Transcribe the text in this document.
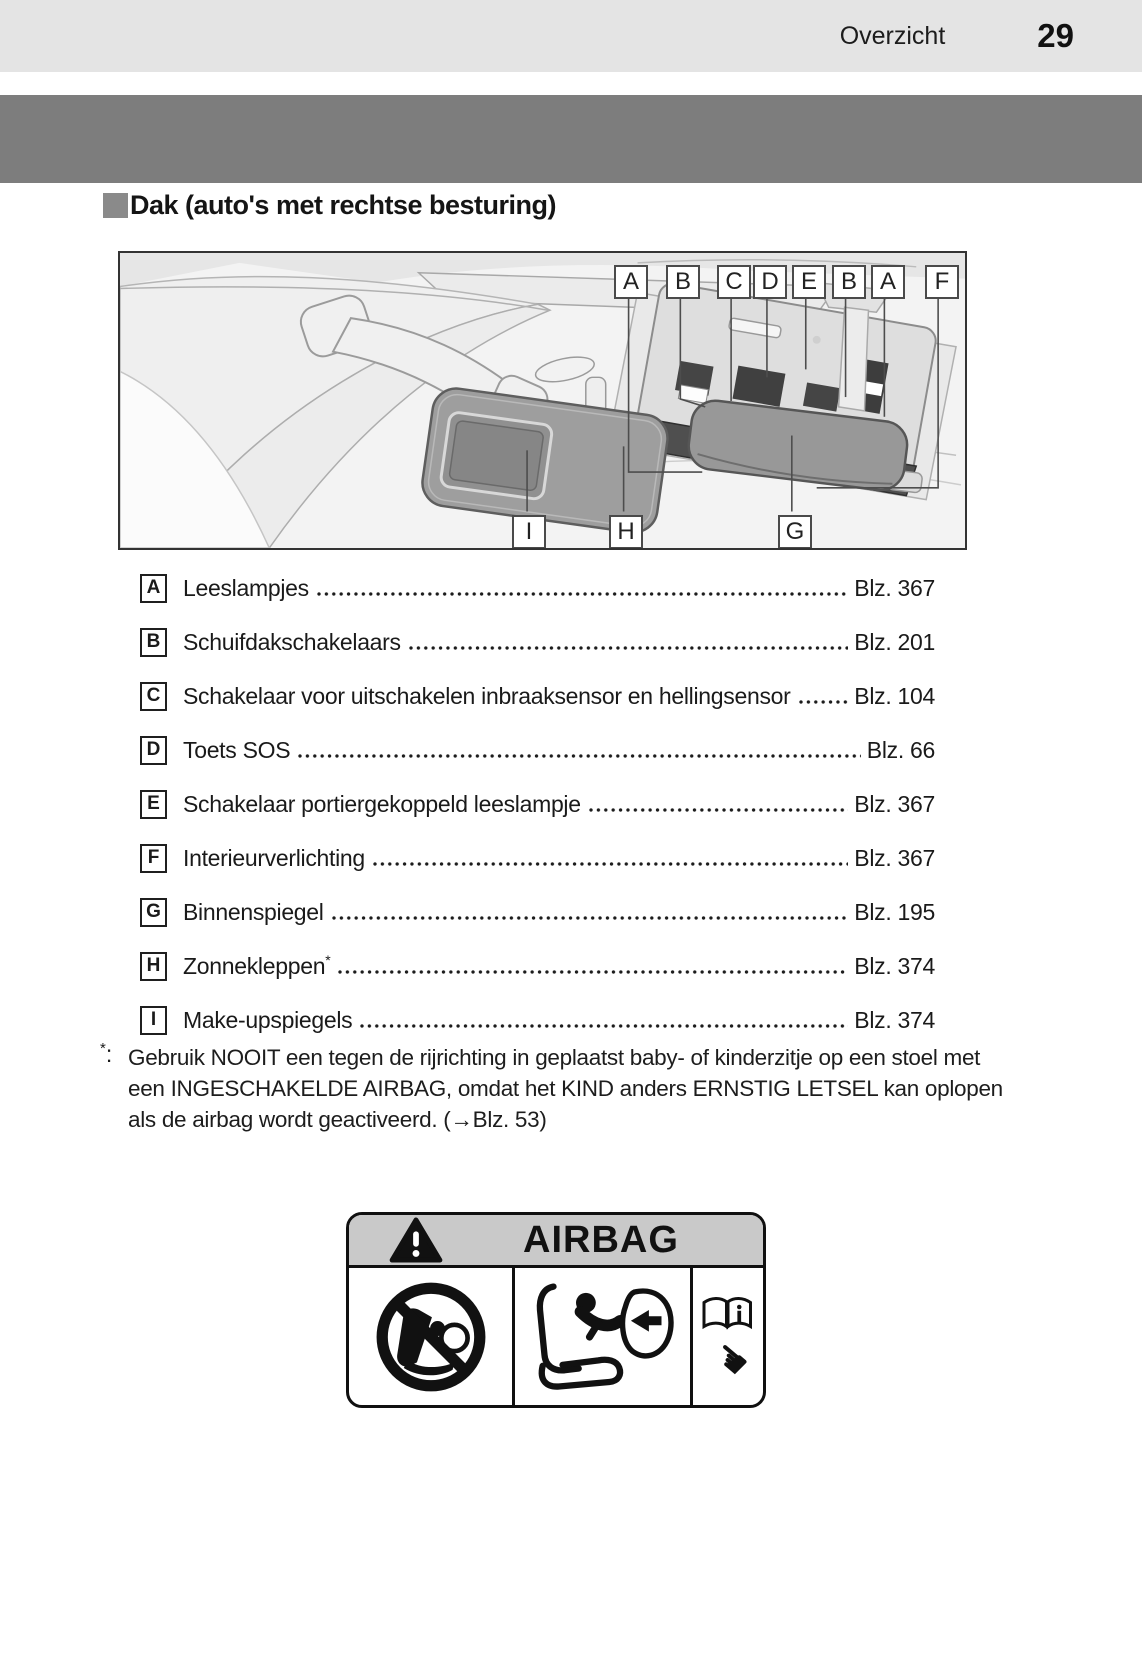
Overzicht	29
Dak (auto's met rechtse besturing)
A	B	C D E B A	F
I	H	G
A Leeslampjes	Blz. 367
B Schuifdakschakelaars	Blz. 201
C Schakelaar voor uitschakelen inbraaksensor en hellingsensor	Blz. 104
D Toets SOS	Blz. 66
E Schakelaar portiergekoppeld leeslampje	Blz. 367
F Interieurverlichting	Blz. 367
G Binnenspiegel	Blz. 195
H Zonnekleppen*	Blz. 374
I Make-upspiegels	Blz. 374
*: Gebruik NOOIT een tegen de rijrichting in geplaatst baby- of kinderzitje op een stoel met
een INGESCHAKELDE AIRBAG, omdat het KIND anders ERNSTIG LETSEL kan oplopen
als de airbag wordt geactiveerd. (→Blz. 53)
AIRBAG
☚
